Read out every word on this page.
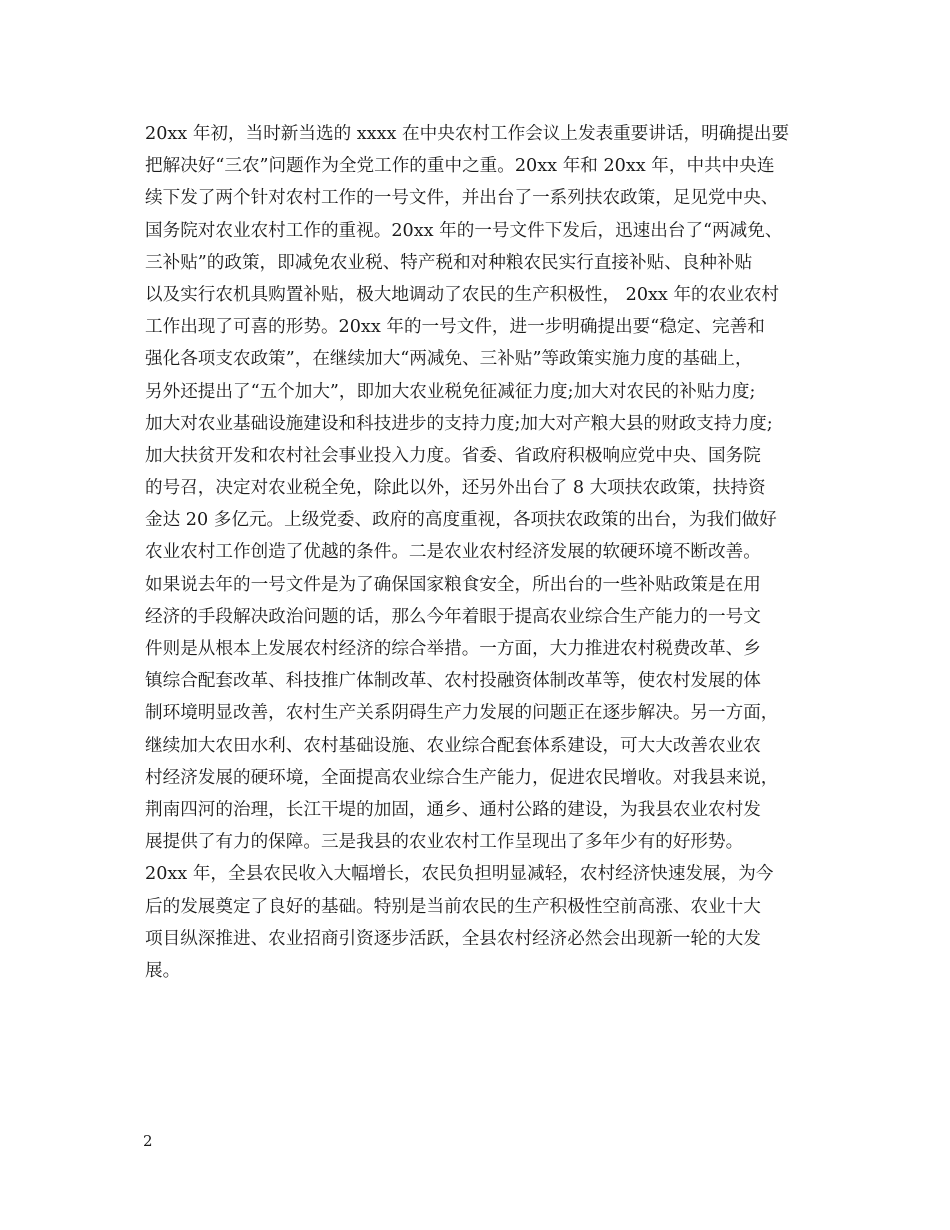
20xx 年初，当时新当选的 xxxx 在中央农村工作会议上发表重要讲话，明确提出要
把解决好“三农”问题作为全党工作的重中之重。20xx 年和 20xx 年，中共中央连
续下发了两个针对农村工作的一号文件，并出台了一系列扶农政策，足见党中央、
国务院对农业农村工作的重视。20xx 年的一号文件下发后，迅速出台了“两减免、
三补贴”的政策，即减免农业税、特产税和对种粮农民实行直接补贴、良种补贴
以及实行农机具购置补贴，极大地调动了农民的生产积极性， 20xx 年的农业农村
工作出现了可喜的形势。20xx 年的一号文件，进一步明确提出要“稳定、完善和
强化各项支农政策”，在继续加大“两减免、三补贴”等政策实施力度的基础上，
另外还提出了“五个加大”，即加大农业税免征减征力度;加大对农民的补贴力度;
加大对农业基础设施建设和科技进步的支持力度;加大对产粮大县的财政支持力度;
加大扶贫开发和农村社会事业投入力度。省委、省政府积极响应党中央、国务院
的号召，决定对农业税全免，除此以外，还另外出台了 8 大项扶农政策，扶持资
金达 20 多亿元。上级党委、政府的高度重视，各项扶农政策的出台，为我们做好
农业农村工作创造了优越的条件。二是农业农村经济发展的软硬环境不断改善。
如果说去年的一号文件是为了确保国家粮食安全，所出台的一些补贴政策是在用
经济的手段解决政治问题的话，那么今年着眼于提高农业综合生产能力的一号文
件则是从根本上发展农村经济的综合举措。一方面，大力推进农村税费改革、乡
镇综合配套改革、科技推广体制改革、农村投融资体制改革等，使农村发展的体
制环境明显改善，农村生产关系阴碍生产力发展的问题正在逐步解决。另一方面，
继续加大农田水利、农村基础设施、农业综合配套体系建设，可大大改善农业农
村经济发展的硬环境，全面提高农业综合生产能力，促进农民增收。对我县来说，
荆南四河的治理，长江干堤的加固，通乡、通村公路的建设，为我县农业农村发
展提供了有力的保障。三是我县的农业农村工作呈现出了多年少有的好形势。
20xx 年，全县农民收入大幅增长，农民负担明显减轻，农村经济快速发展，为今
后的发展奠定了良好的基础。特别是当前农民的生产积极性空前高涨、农业十大
项目纵深推进、农业招商引资逐步活跃，全县农村经济必然会出现新一轮的大发
展。
2
